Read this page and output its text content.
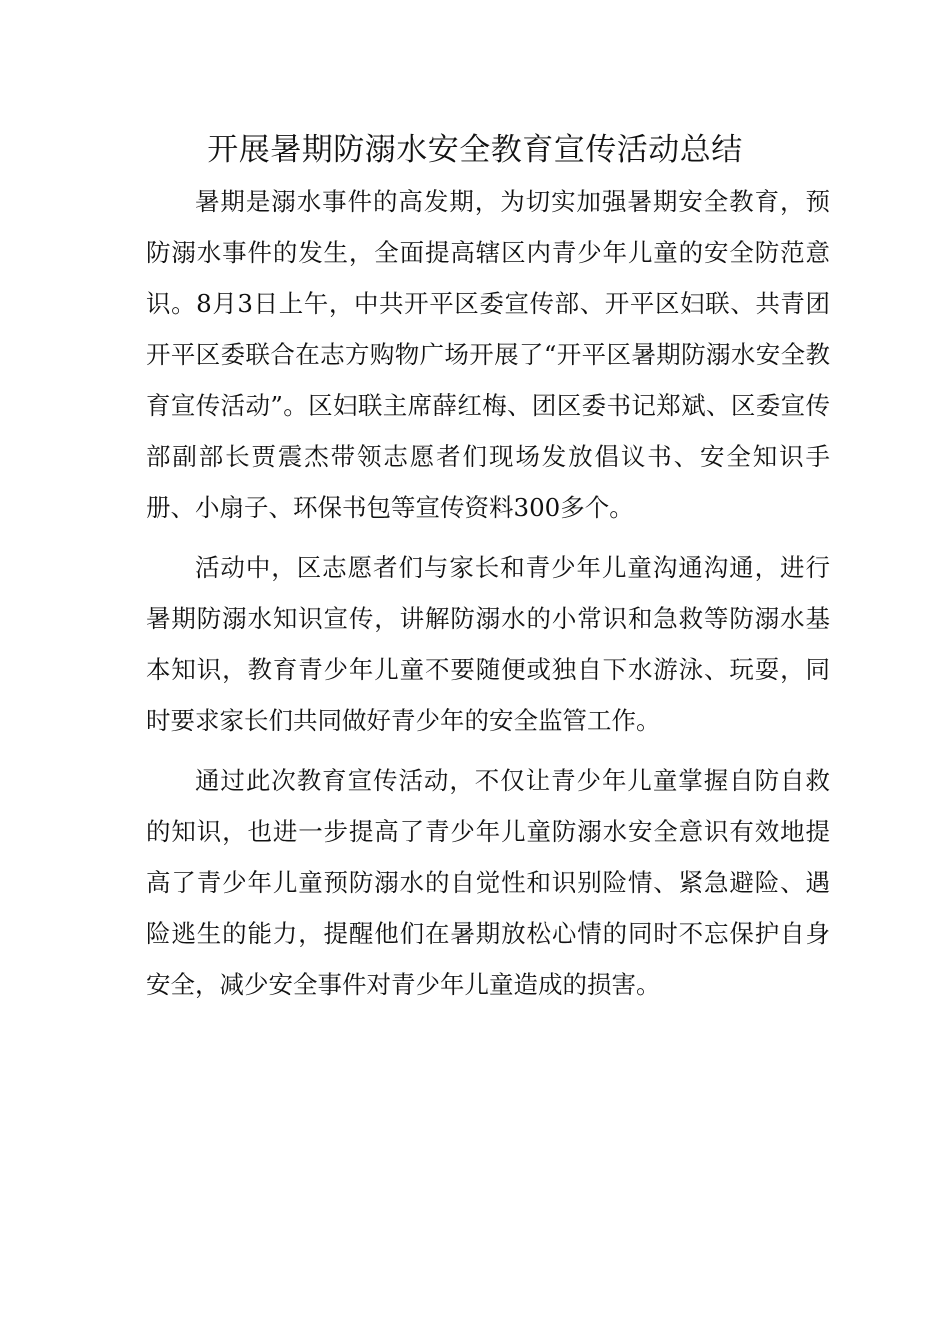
开展暑期防溺水安全教育宣传活动总结

暑期是溺水事件的高发期，为切实加强暑期安全教育，预防溺水事件的发生，全面提高辖区内青少年儿童的安全防范意识。8月3日上午，中共开平区委宣传部、开平区妇联、共青团开平区委联合在志方购物广场开展了“开平区暑期防溺水安全教育宣传活动”。区妇联主席薛红梅、团区委书记郑斌、区委宣传部副部长贾震杰带领志愿者们现场发放倡议书、安全知识手册、小扇子、环保书包等宣传资料300多个。

活动中，区志愿者们与家长和青少年儿童沟通沟通，进行暑期防溺水知识宣传，讲解防溺水的小常识和急救等防溺水基本知识，教育青少年儿童不要随便或独自下水游泳、玩耍，同时要求家长们共同做好青少年的安全监管工作。

通过此次教育宣传活动，不仅让青少年儿童掌握自防自救的知识，也进一步提高了青少年儿童防溺水安全意识有效地提高了青少年儿童预防溺水的自觉性和识别险情、紧急避险、遇险逃生的能力，提醒他们在暑期放松心情的同时不忘保护自身安全，减少安全事件对青少年儿童造成的损害。
